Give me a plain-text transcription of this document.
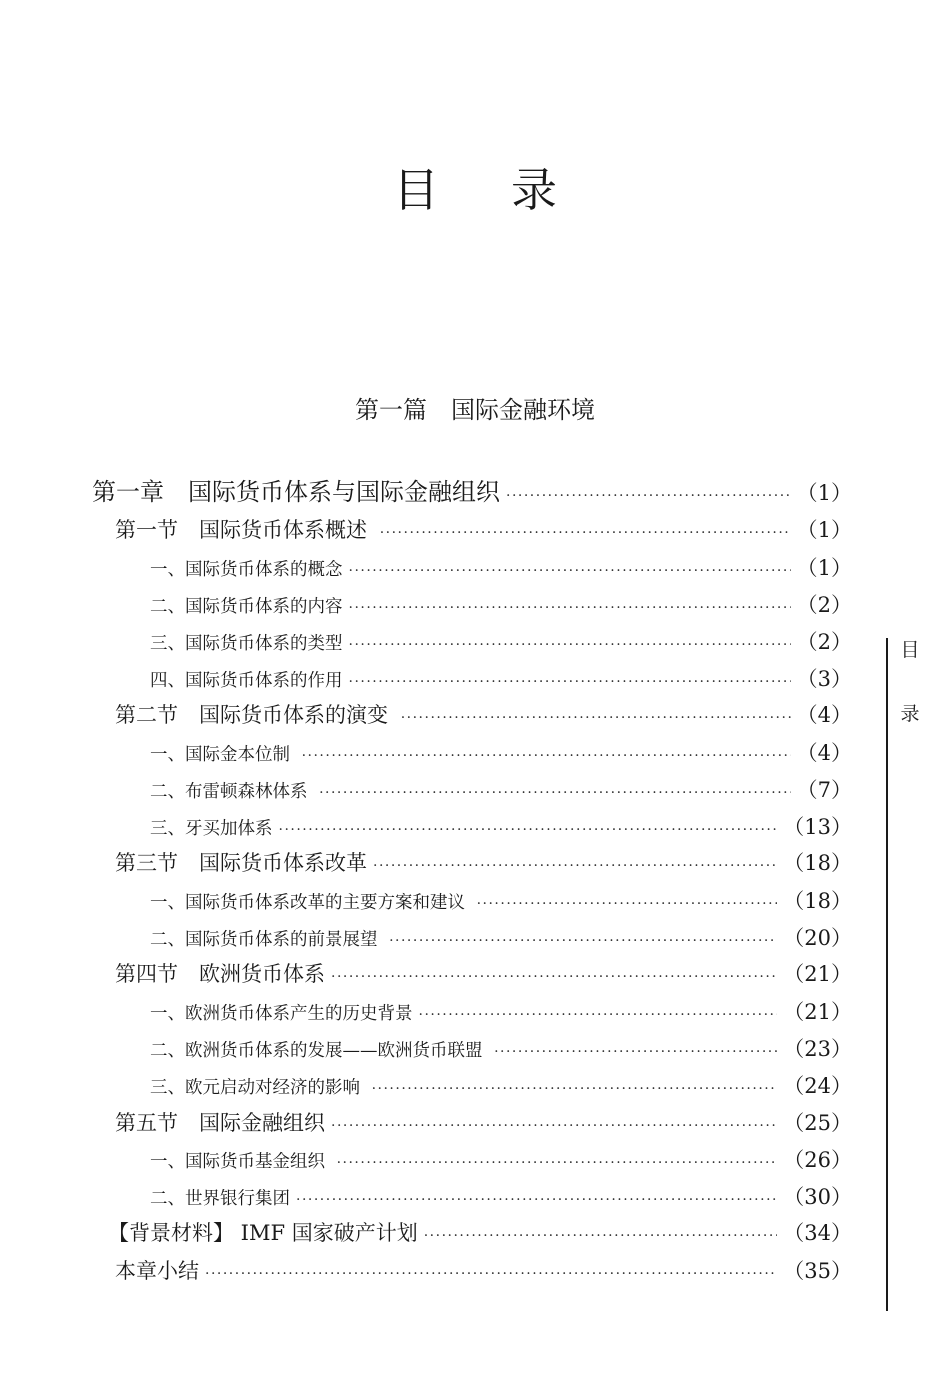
目录
第一篇　国际金融环境
第一章　国际货币体系与国际金融组织 ·····	（1）
第一节　国际货币体系概述 ·····	（1）
一、国际货币体系的概念 ·····	（1）
二、国际货币体系的内容 ·····	（2）
三、国际货币体系的类型 ·····	（2）
四、国际货币体系的作用 ·····	（3）
第二节　国际货币体系的演变 ·····	（4）
一、国际金本位制 ·····	（4）
二、布雷顿森林体系 ·····	（7）
三、牙买加体系 ·····	（13）
第三节　国际货币体系改革 ·····	（18）
一、国际货币体系改革的主要方案和建议 ·····	（18）
二、国际货币体系的前景展望 ·····	（20）
第四节　欧洲货币体系 ·····	（21）
一、欧洲货币体系产生的历史背景 ·····	（21）
二、欧洲货币体系的发展——欧洲货币联盟 ·····	（23）
三、欧元启动对经济的影响 ·····	（24）
第五节　国际金融组织 ·····	（25）
一、国际货币基金组织 ·····	（26）
二、世界银行集团 ·····	（30）
【背景材料】 IMF 国家破产计划 ·····	（34）
本章小结 ·····	（35）
目
录
